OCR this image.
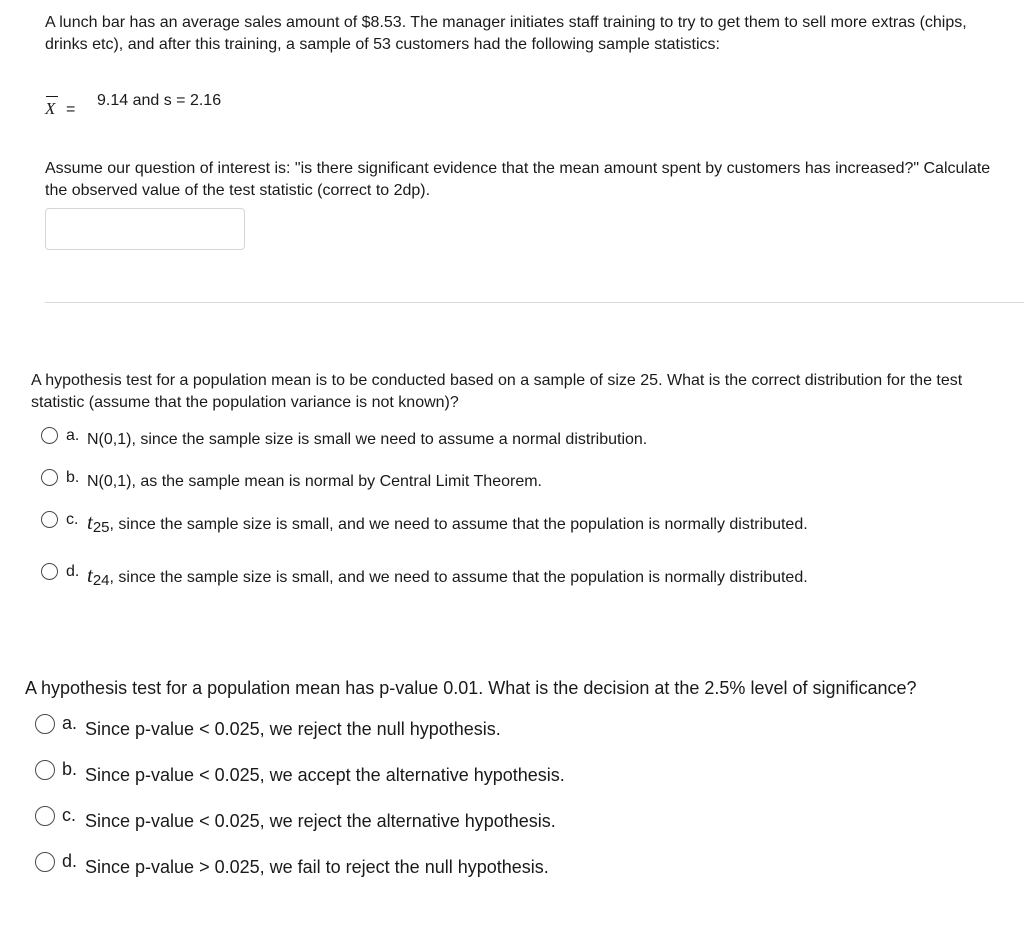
A lunch bar has an average sales amount of $8.53. The manager initiates staff training to try to get them to sell more extras (chips, drinks etc), and after this training, a sample of 53 customers had the following sample statistics:
X =
9.14 and s = 2.16
Assume our question of interest is: "is there significant evidence that the mean amount spent by customers has increased?" Calculate the observed value of the test statistic (correct to 2dp).
A hypothesis test for a population mean is to be conducted based on a sample of size 25. What is the correct distribution for the test statistic (assume that the population variance is not known)?
a. N(0,1), since the sample size is small we need to assume a normal distribution.
b. N(0,1), as the sample mean is normal by Central Limit Theorem.
c. t25, since the sample size is small, and we need to assume that the population is normally distributed.
d. t24, since the sample size is small, and we need to assume that the population is normally distributed.
A hypothesis test for a population mean has p-value 0.01. What is the decision at the 2.5% level of significance?
a. Since p-value < 0.025, we reject the null hypothesis.
b. Since p-value < 0.025, we accept the alternative hypothesis.
c. Since p-value < 0.025, we reject the alternative hypothesis.
d. Since p-value > 0.025, we fail to reject the null hypothesis.
